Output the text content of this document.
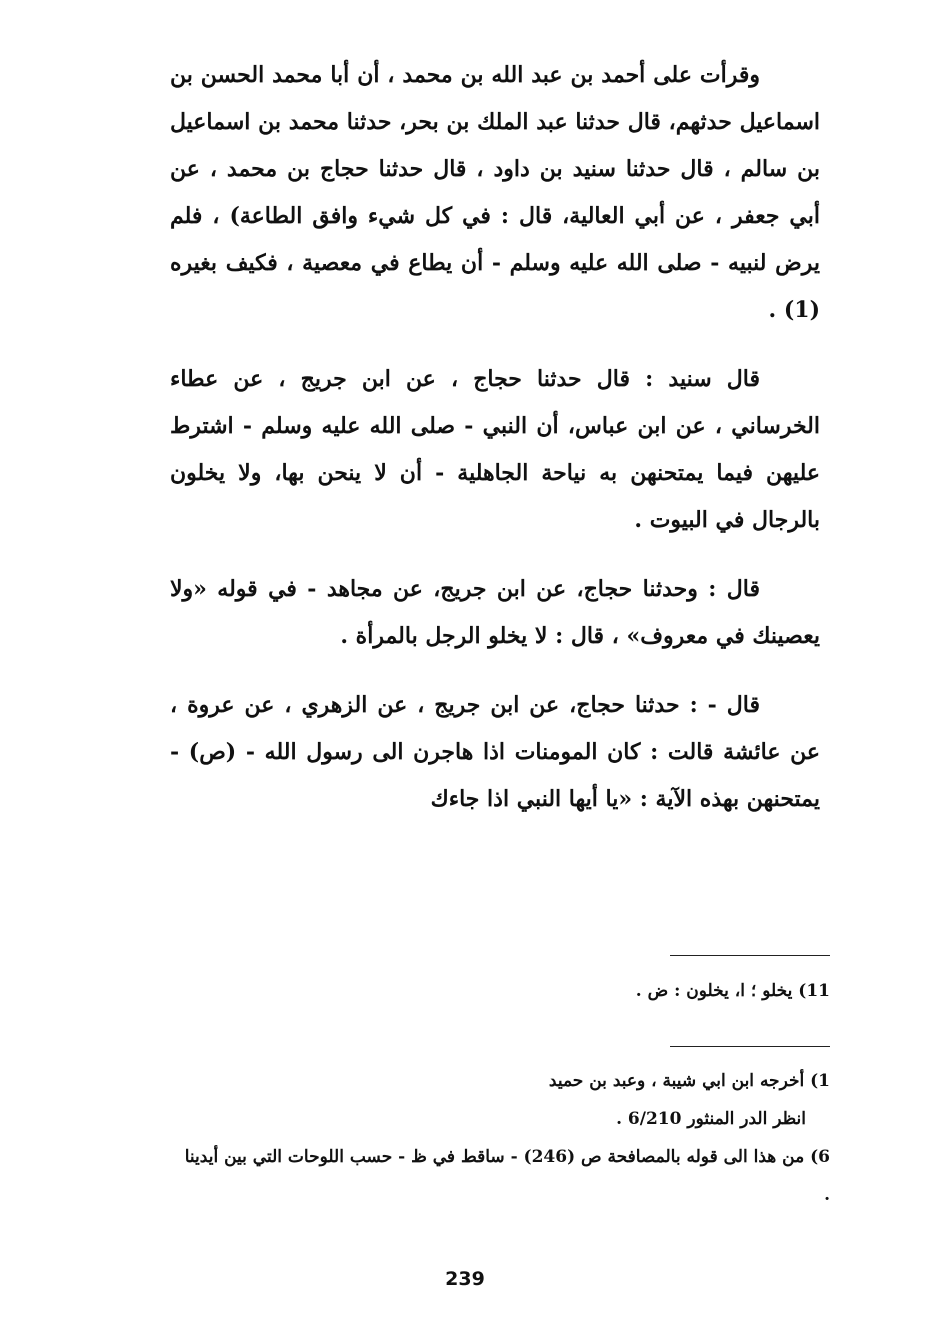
وقرأت على أحمد بن عبد الله بن محمد ، أن أبا محمد الحسن بن اسماعيل حدثهم، قال حدثنا عبد الملك بن بحر، حدثنا محمد بن اسماعيل بن سالم ، قال حدثنا سنيد بن داود ، قال حدثنا حجاج بن محمد ، عن أبي جعفر ، عن أبي العالية، قال : في كل شيء وافق الطاعة) ، فلم يرض لنبيه - صلى الله عليه وسلم - أن يطاع في معصية ، فكيف بغيره (1) .

قال سنيد : قال حدثنا حجاج ، عن ابن جريج ، عن عطاء الخرساني ، عن ابن عباس، أن النبي - صلى الله عليه وسلم - اشترط عليهن فيما يمتحنهن به نياحة الجاهلية - أن لا ينحن بها، ولا يخلون بالرجال في البيوت .

قال : وحدثنا حجاج، عن ابن جريج، عن مجاهد - في قوله «ولا يعصينك في معروف» ، قال : لا يخلو الرجل بالمرأة .

قال - : حدثنا حجاج، عن ابن جريج ، عن الزهري ، عن عروة ، عن عائشة قالت : كان المومنات اذا هاجرن الى رسول الله - (ص) - يمتحنهن بهذه الآية : «يا أيها النبي اذا جاءك

11) يخلو ؛ ا، يخلون : ض .

1) أخرجه ابن ابي شيبة ، وعبد بن حميد

انظر الدر المنثور 6/210 .

6) من هذا الى قوله بالمصافحة ص (246) - ساقط في ظ - حسب اللوحات التي بين أيدينا .

239
